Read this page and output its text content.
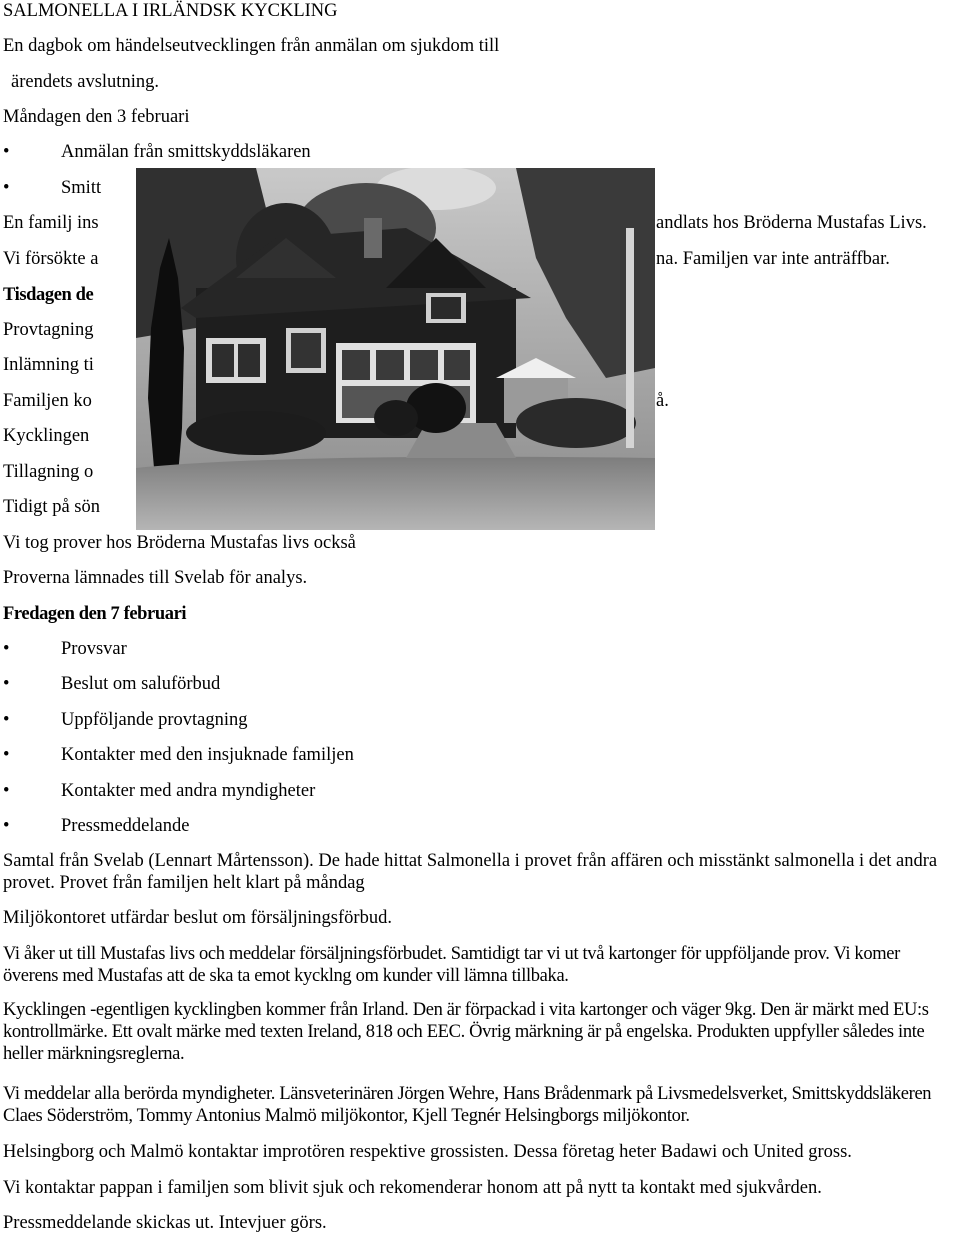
SALMONELLA I IRLÄNDSK KYCKLING
En dagbok om händelseutvecklingen från anmälan om sjukdom till
ärendets avslutning.
Måndagen den 3 februari
•	Anmälan från smittskyddsläkaren
•	Smitt
En familj ins	andlats hos Bröderna Mustafas Livs.
Vi försökte a	na. Familjen var inte anträffbar.
Tisdagen de
Provtagning
Inlämning ti
Familjen ko	å.
Kycklingen
Tillagning o
Tidigt på sön
Vi tog prover hos Bröderna Mustafas livs också
Proverna lämnades till Svelab för analys.
Fredagen den 7 februari
•	Provsvar
•	Beslut om saluförbud
•	Uppföljande provtagning
•	Kontakter med den insjuknade familjen
•	Kontakter med andra myndigheter
•	Pressmeddelande
Samtal från Svelab (Lennart Mårtensson). De hade hittat Salmonella i provet från affären och misstänkt salmonella i det andra provet. Provet från familjen helt klart på måndag
Miljökontoret utfärdar beslut om försäljningsförbud.
Vi åker ut till Mustafas livs och meddelar försäljningsförbudet. Samtidigt tar vi ut två kartonger för uppföljande prov. Vi komer överens med Mustafas att de ska ta emot kycklng om kunder vill lämna tillbaka.
Kycklingen -egentligen kycklingben kommer från Irland. Den är förpackad i vita kartonger och väger 9kg. Den är märkt med EU:s kontrollmärke. Ett ovalt märke med texten Ireland, 818 och EEC. Övrig märkning är på engelska. Produkten uppfyller således inte heller märkningsreglerna.
Vi meddelar alla berörda myndigheter. Länsveterinären Jörgen Wehre, Hans Brådenmark på Livsmedelsverket, Smittskyddsläkeren Claes Söderström, Tommy Antonius Malmö miljökontor, Kjell Tegnér Helsingborgs miljökontor.
Helsingborg och Malmö kontaktar improtören respektive grossisten. Dessa företag heter Badawi och United gross.
Vi kontaktar pappan i familjen som blivit sjuk och rekomenderar honom att på nytt ta kontakt med sjukvården.
Pressmeddelande skickas ut. Intevjuer görs.
